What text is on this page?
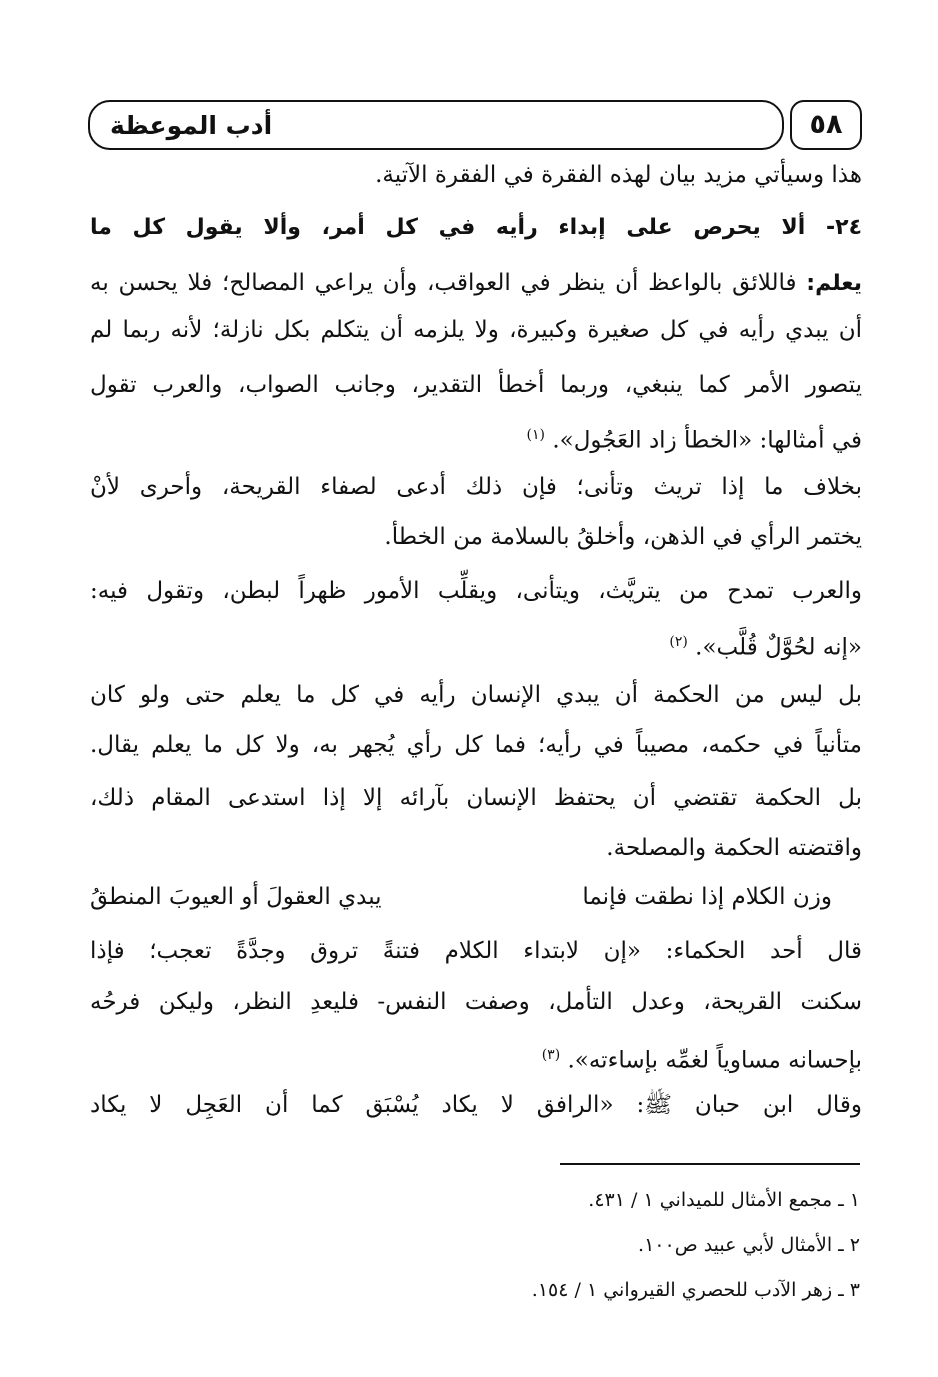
أدب الموعظة	٥٨
هذا وسيأتي مزيد بيان لهذه الفقرة في الفقرة الآتية.
٢٤- ألا يحرص على إبداء رأيه في كل أمر، وألا يقول كل ما
يعلم: فاللائق بالواعظ أن ينظر في العواقب، وأن يراعي المصالح؛ فلا يحسن به
أن يبدي رأيه في كل صغيرة وكبيرة، ولا يلزمه أن يتكلم بكل نازلة؛ لأنه ربما لم
يتصور الأمر كما ينبغي، وربما أخطأ التقدير، وجانب الصواب، والعرب تقول
في أمثالها: «الخطأ زاد العَجُول». $^{(١)}$
بخلاف ما إذا تريث وتأنى؛ فإن ذلك أدعى لصفاء القريحة، وأحرى لأنْ
يختمر الرأي في الذهن، وأخلقُ بالسلامة من الخطأ.
والعرب تمدح من يتريَّث، ويتأنى، ويقلِّب الأمور ظهراً لبطن، وتقول فيه:
«إنه لحُوَّلٌ قُلَّب». $^{(٢)}$
بل ليس من الحكمة أن يبدي الإنسان رأيه في كل ما يعلم حتى ولو كان
متأنياً في حكمه، مصيباً في رأيه؛ فما كل رأي يُجهر به، ولا كل ما يعلم يقال.
بل الحكمة تقتضي أن يحتفظ الإنسان بآرائه إلا إذا استدعى المقام ذلك،
واقتضته الحكمة والمصلحة.
وزن الكلام إذا نطقت فإنما
يبدي العقولَ أو العيوبَ المنطقُ
قال أحد الحكماء: «إن لابتداء الكلام فتنةً تروق وجدَّةً تعجب؛ فإذا
سكنت القريحة، وعدل التأمل، وصفت النفس- فليعدِ النظر، وليكن فرحُه
بإحسانه مساوياً لغمِّه بإساءته». $^{(٣)}$
وقال ابن حبان ﷺ: «الرافق لا يكاد يُسْبَق كما أن العَجِل لا يكاد
١ ـ مجمع الأمثال للميداني ١ / ٤٣١.
٢ ـ الأمثال لأبي عبيد ص١٠٠.
٣ ـ زهر الآدب للحصري القيرواني ١ / ١٥٤.
